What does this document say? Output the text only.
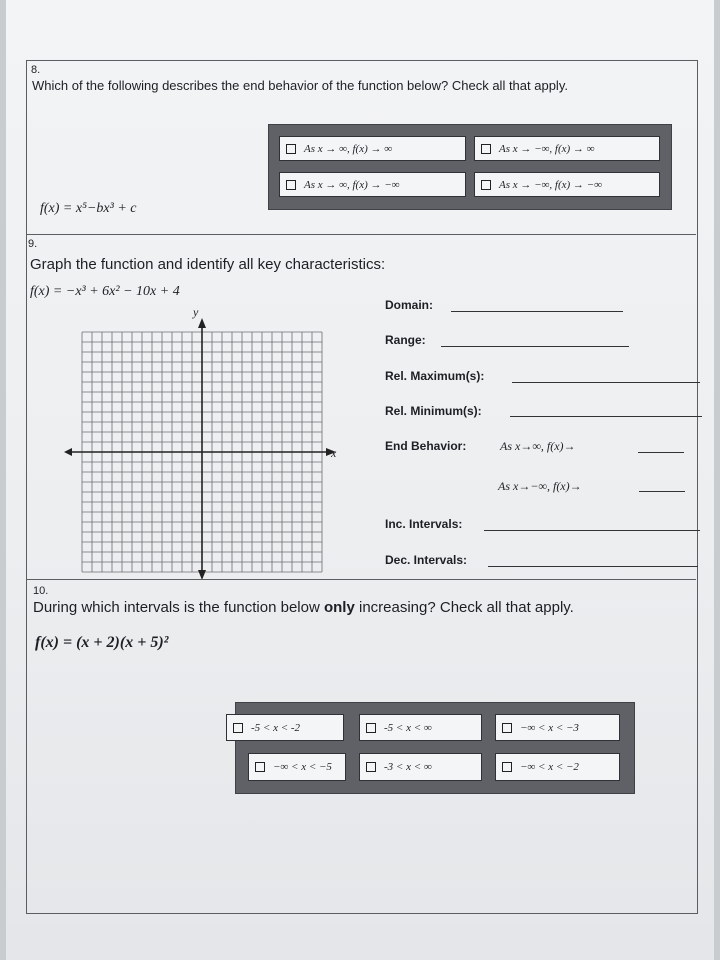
8.
Which of the following describes the end behavior of the function below? Check all that apply.
As x → ∞, f(x) → ∞	As x → −∞, f(x) → ∞
As x → ∞, f(x) → −∞	As x → −∞, f(x) → −∞
f(x) = x⁵−bx³ + c
9.
Graph the function and identify all key characteristics:
f(x) = −x³ + 6x² − 10x + 4
y
x
Domain:
Range:
Rel. Maximum(s):
Rel. Minimum(s):
End Behavior:	As x→∞, f(x)→
As x→−∞, f(x)→
Inc. Intervals:
Dec. Intervals:
10.
During which intervals is the function below only increasing? Check all that apply.
f(x) = (x + 2)(x + 5)²
-5 < x < -2	-5 < x < ∞	−∞ < x < −3
−∞ < x < −5	-3 < x < ∞	−∞ < x < −2
